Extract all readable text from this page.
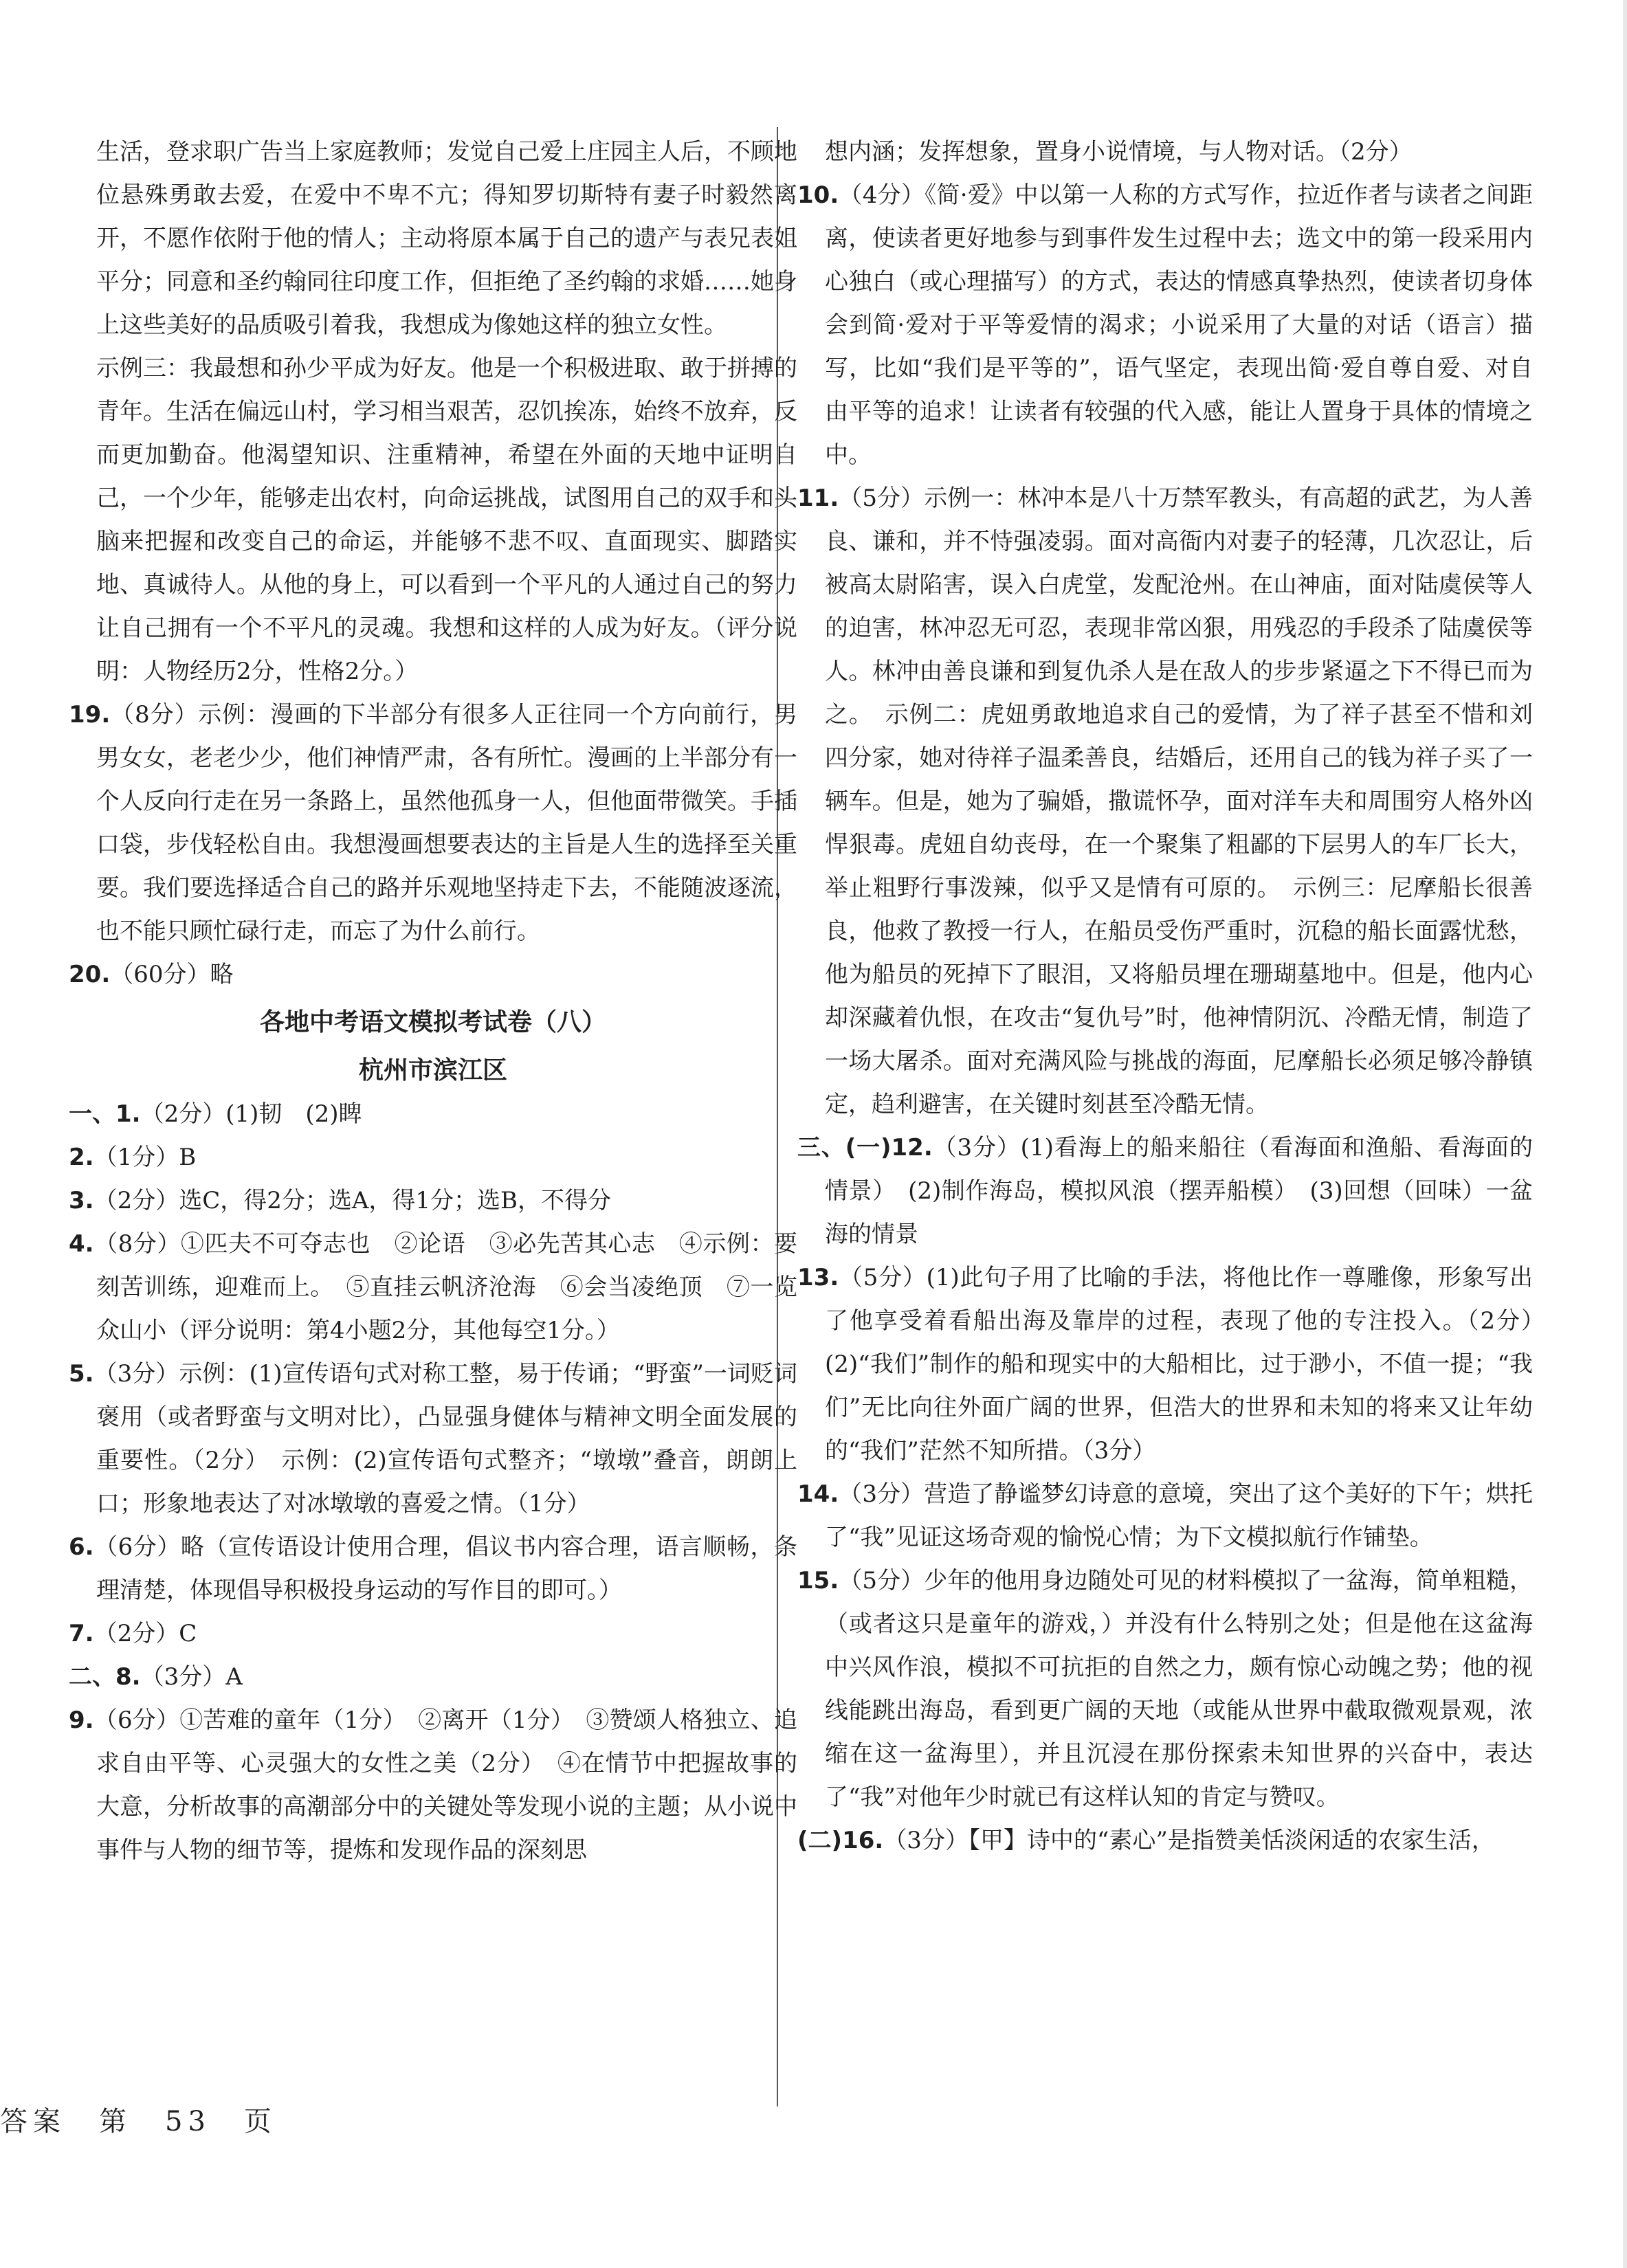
生活，登求职广告当上家庭教师；发觉自己爱上庄园主人后，不顾地位悬殊勇敢去爱，在爱中不卑不亢；得知罗切斯特有妻子时毅然离开，不愿作依附于他的情人；主动将原本属于自己的遗产与表兄表姐平分；同意和圣约翰同往印度工作，但拒绝了圣约翰的求婚……她身上这些美好的品质吸引着我，我想成为像她这样的独立女性。

示例三：我最想和孙少平成为好友。他是一个积极进取、敢于拼搏的青年。生活在偏远山村，学习相当艰苦，忍饥挨冻，始终不放弃，反而更加勤奋。他渴望知识、注重精神，希望在外面的天地中证明自己，一个少年，能够走出农村，向命运挑战，试图用自己的双手和头脑来把握和改变自己的命运，并能够不悲不叹、直面现实、脚踏实地、真诚待人。从他的身上，可以看到一个平凡的人通过自己的努力让自己拥有一个不平凡的灵魂。我想和这样的人成为好友。（评分说明：人物经历2分，性格2分。）

19.（8分）示例：漫画的下半部分有很多人正往同一个方向前行，男男女女，老老少少，他们神情严肃，各有所忙。漫画的上半部分有一个人反向行走在另一条路上，虽然他孤身一人，但他面带微笑。手插口袋，步伐轻松自由。我想漫画想要表达的主旨是人生的选择至关重要。我们要选择适合自己的路并乐观地坚持走下去，不能随波逐流，也不能只顾忙碌行走，而忘了为什么前行。

20.（60分）略

各地中考语文模拟考试卷（八）

杭州市滨江区

一、1.（2分）(1)韧　(2)睥

2.（1分）B

3.（2分）选C，得2分；选A，得1分；选B，不得分

4.（8分）①匹夫不可夺志也　②论语　③必先苦其心志　④示例：要刻苦训练，迎难而上。　⑤直挂云帆济沧海　⑥会当凌绝顶　⑦一览众山小（评分说明：第4小题2分，其他每空1分。）

5.（3分）示例：(1)宣传语句式对称工整，易于传诵；“野蛮”一词贬词褒用（或者野蛮与文明对比），凸显强身健体与精神文明全面发展的重要性。（2分）　示例：(2)宣传语句式整齐；“墩墩”叠音，朗朗上口；形象地表达了对冰墩墩的喜爱之情。（1分）

6.（6分）略（宣传语设计使用合理，倡议书内容合理，语言顺畅，条理清楚，体现倡导积极投身运动的写作目的即可。）

7.（2分）C

二、8.（3分）A

9.（6分）①苦难的童年（1分）　②离开（1分）　③赞颂人格独立、追求自由平等、心灵强大的女性之美（2分）　④在情节中把握故事的大意，分析故事的高潮部分中的关键处等发现小说的主题；从小说中事件与人物的细节等，提炼和发现作品的深刻思

想内涵；发挥想象，置身小说情境，与人物对话。（2分）

10.（4分）《简·爱》中以第一人称的方式写作，拉近作者与读者之间距离，使读者更好地参与到事件发生过程中去；选文中的第一段采用内心独白（或心理描写）的方式，表达的情感真挚热烈，使读者切身体会到简·爱对于平等爱情的渴求；小说采用了大量的对话（语言）描写，比如“我们是平等的”，语气坚定，表现出简·爱自尊自爱、对自由平等的追求！让读者有较强的代入感，能让人置身于具体的情境之中。

11.（5分）示例一：林冲本是八十万禁军教头，有高超的武艺，为人善良、谦和，并不恃强凌弱。面对高衙内对妻子的轻薄，几次忍让，后被高太尉陷害，误入白虎堂，发配沧州。在山神庙，面对陆虞侯等人的迫害，林冲忍无可忍，表现非常凶狠，用残忍的手段杀了陆虞侯等人。林冲由善良谦和到复仇杀人是在敌人的步步紧逼之下不得已而为之。　示例二：虎妞勇敢地追求自己的爱情，为了祥子甚至不惜和刘四分家，她对待祥子温柔善良，结婚后，还用自己的钱为祥子买了一辆车。但是，她为了骗婚，撒谎怀孕，面对洋车夫和周围穷人格外凶悍狠毒。虎妞自幼丧母，在一个聚集了粗鄙的下层男人的车厂长大，举止粗野行事泼辣，似乎又是情有可原的。　示例三：尼摩船长很善良，他救了教授一行人，在船员受伤严重时，沉稳的船长面露忧愁，他为船员的死掉下了眼泪，又将船员埋在珊瑚墓地中。但是，他内心却深藏着仇恨，在攻击“复仇号”时，他神情阴沉、冷酷无情，制造了一场大屠杀。面对充满风险与挑战的海面，尼摩船长必须足够冷静镇定，趋利避害，在关键时刻甚至冷酷无情。

三、(一)12.（3分）(1)看海上的船来船往（看海面和渔船、看海面的情景）　(2)制作海岛，模拟风浪（摆弄船模）　(3)回想（回味）一盆海的情景

13.（5分）(1)此句子用了比喻的手法，将他比作一尊雕像，形象写出了他享受着看船出海及靠岸的过程，表现了他的专注投入。（2分）　(2)“我们”制作的船和现实中的大船相比，过于渺小，不值一提；“我们”无比向往外面广阔的世界，但浩大的世界和未知的将来又让年幼的“我们”茫然不知所措。（3分）

14.（3分）营造了静谧梦幻诗意的意境，突出了这个美好的下午；烘托了“我”见证这场奇观的愉悦心情；为下文模拟航行作铺垫。

15.（5分）少年的他用身边随处可见的材料模拟了一盆海，简单粗糙，（或者这只是童年的游戏，）并没有什么特别之处；但是他在这盆海中兴风作浪，模拟不可抗拒的自然之力，颇有惊心动魄之势；他的视线能跳出海岛，看到更广阔的天地（或能从世界中截取微观景观，浓缩在这一盆海里），并且沉浸在那份探索未知世界的兴奋中，表达了“我”对他年少时就已有这样认知的肯定与赞叹。

(二)16.（3分）【甲】诗中的“素心”是指赞美恬淡闲适的农家生活，

答案　第　53　页
